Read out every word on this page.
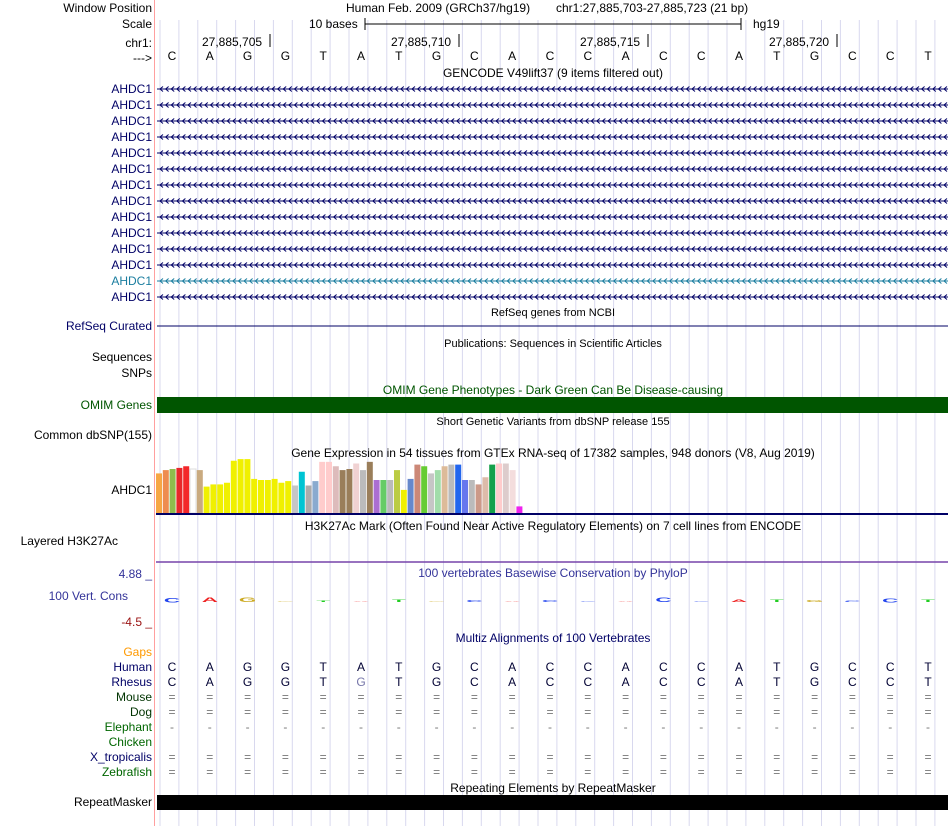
C A G G T A T G C A C C A C C A T G C C T
Window Position
Scale
chr1:
--->
Human Feb. 2009 (GRCh37/hg19) chr1:27,885,703-27,885,723 (21 bp)
10 bases	hg19
27,885,705	27,885,710	27,885,715	27,885,720
GENCODE V49lift37 (9 items filtered out)
RefSeq genes from NCBI
RefSeq Curated
Publications: Sequences in Scientific Articles
Sequences
SNPs
OMIM Gene Phenotypes - Dark Green Can Be Disease-causing
OMIM Genes
Short Genetic Variants from dbSNP release 155
Common dbSNP(155)
Gene Expression in 54 tissues from GTEx RNA-seq of 17382 samples, 948 donors (V8, Aug 2019)
AHDC1
H3K27Ac Mark (Often Found Near Active Regulatory Elements) on 7 cell lines from ENCODE
Layered H3K27Ac
100 vertebrates Basewise Conservation by PhyloP
4.88 _
100 Vert. Cons
-4.5 _
Multiz Alignments of 100 Vertebrates
Gaps
Repeating Elements by RepeatMasker
RepeatMasker
C	A	G	G	T	A	T	G	C	A	C	C	A	C	C	A	T	G	C	C	T
AHDC1
AHDC1
AHDC1
AHDC1
AHDC1
AHDC1
AHDC1
AHDC1
AHDC1
AHDC1
AHDC1
AHDC1
AHDC1
AHDC1
Human	C	A	G	G	T	A	T	G	C	A	C	C	A	C	C	A	T	G	C	C	T
Rhesus	C	A	G	G	T	G	T	G	C	A	C	C	A	C	C	A	T	G	C	C	T
Mouse	=	=	=	=	=	=	=	=	=	=	=	=	=	=	=	=	=	=	=	=	=
Dog	=	=	=	=	=	=	=	=	=	=	=	=	=	=	=	=	=	=	=	=	=
Elephant	-	-	-	-	-	-	-	-	-	-	-	-	-	-	-	-	-	-	-	-	-
Chicken
X_tropicalis	=	=	=	=	=	=	=	=	=	=	=	=	=	=	=	=	=	=	=	=	=
Zebrafish	=	=	=	=	=	=	=	=	=	=	=	=	=	=	=	=	=	=	=	=	=
